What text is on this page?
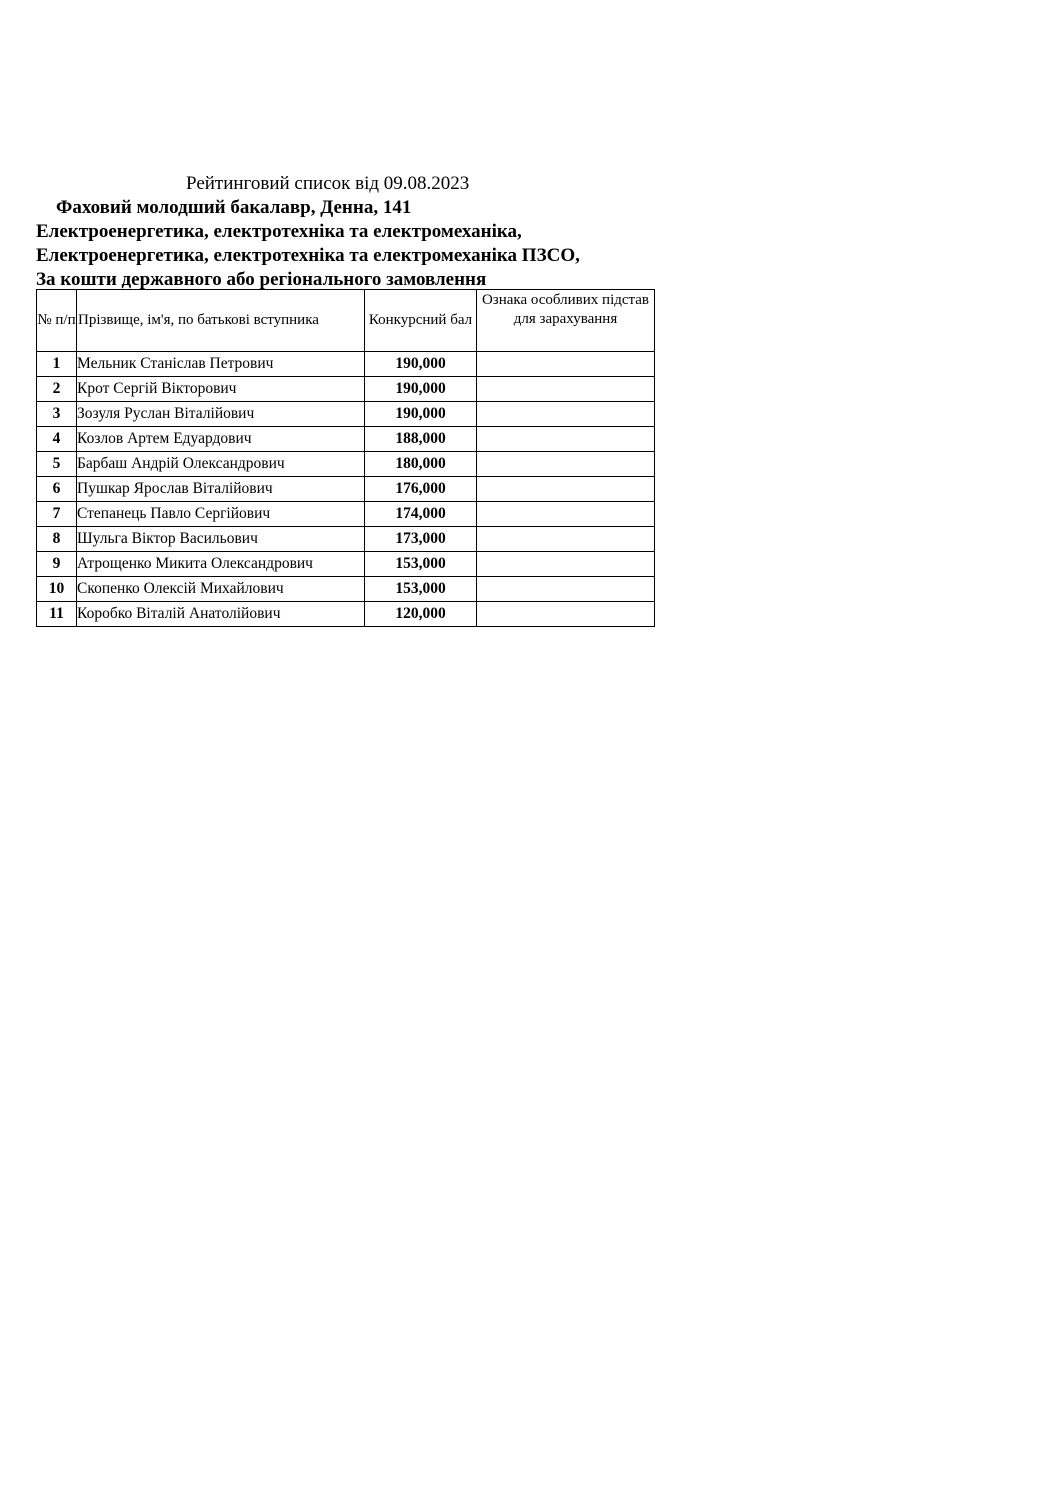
Рейтинговий список від 09.08.2023
Фаховий молодший бакалавр, Денна, 141
Електроенергетика, електротехніка та електромеханіка,
Електроенергетика, електротехніка та електромеханіка ПЗСО,
За кошти державного або регіонального замовлення
№ п/п	Прізвище, ім'я, по батькові вступника	Конкурсний бал	Ознака особливих підстав для зарахування
1	Мельник Станіслав Петрович	190,000	
2	Крот Сергій Вікторович	190,000	
3	Зозуля Руслан Віталійович	190,000	
4	Козлов Артем Едуардович	188,000	
5	Барбаш Андрій Олександрович	180,000	
6	Пушкар Ярослав Віталійович	176,000	
7	Степанець Павло Сергійович	174,000	
8	Шульга Віктор Васильович	173,000	
9	Атрощенко Микита Олександрович	153,000	
10	Скопенко Олексій Михайлович	153,000	
11	Коробко Віталій Анатолійович	120,000	
